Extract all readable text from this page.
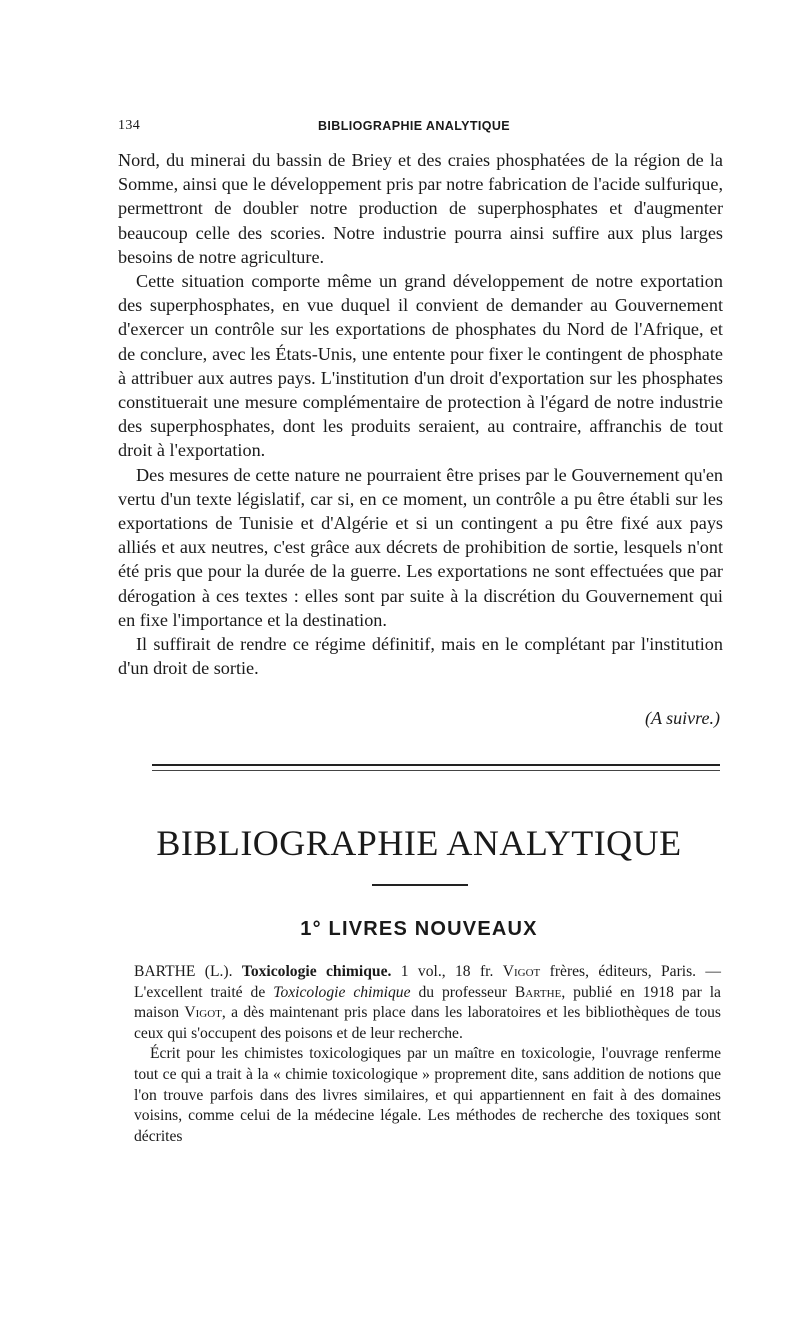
134	BIBLIOGRAPHIE ANALYTIQUE

Nord, du minerai du bassin de Briey et des craies phosphatées de la région de la Somme, ainsi que le développement pris par notre fabrication de l'acide sulfurique, permettront de doubler notre production de superphosphates et d'augmenter beaucoup celle des scories. Notre industrie pourra ainsi suffire aux plus larges besoins de notre agriculture.

Cette situation comporte même un grand développement de notre exportation des superphosphates, en vue duquel il convient de demander au Gouvernement d'exercer un contrôle sur les exportations de phosphates du Nord de l'Afrique, et de conclure, avec les États-Unis, une entente pour fixer le contingent de phosphate à attribuer aux autres pays. L'institution d'un droit d'exportation sur les phosphates constituerait une mesure complémentaire de protection à l'égard de notre industrie des superphosphates, dont les produits seraient, au contraire, affranchis de tout droit à l'exportation.

Des mesures de cette nature ne pourraient être prises par le Gouvernement qu'en vertu d'un texte législatif, car si, en ce moment, un contrôle a pu être établi sur les exportations de Tunisie et d'Algérie et si un contingent a pu être fixé aux pays alliés et aux neutres, c'est grâce aux décrets de prohibition de sortie, lesquels n'ont été pris que pour la durée de la guerre. Les exportations ne sont effectuées que par dérogation à ces textes : elles sont par suite à la discrétion du Gouvernement qui en fixe l'importance et la destination.

Il suffirait de rendre ce régime définitif, mais en le complétant par l'institution d'un droit de sortie.

(A suivre.)
BIBLIOGRAPHIE ANALYTIQUE
1° LIVRES NOUVEAUX

BARTHE (L.). Toxicologie chimique. 1 vol., 18 fr. Vigot frères, éditeurs, Paris. — L'excellent traité de Toxicologie chimique du professeur Barthe, publié en 1918 par la maison Vigot, a dès maintenant pris place dans les laboratoires et les bibliothèques de tous ceux qui s'occupent des poisons et de leur recherche.

Écrit pour les chimistes toxicologiques par un maître en toxicologie, l'ouvrage renferme tout ce qui a trait à la « chimie toxicologique » proprement dite, sans addition de notions que l'on trouve parfois dans des livres similaires, et qui appartiennent en fait à des domaines voisins, comme celui de la médecine légale. Les méthodes de recherche des toxiques sont décrites
